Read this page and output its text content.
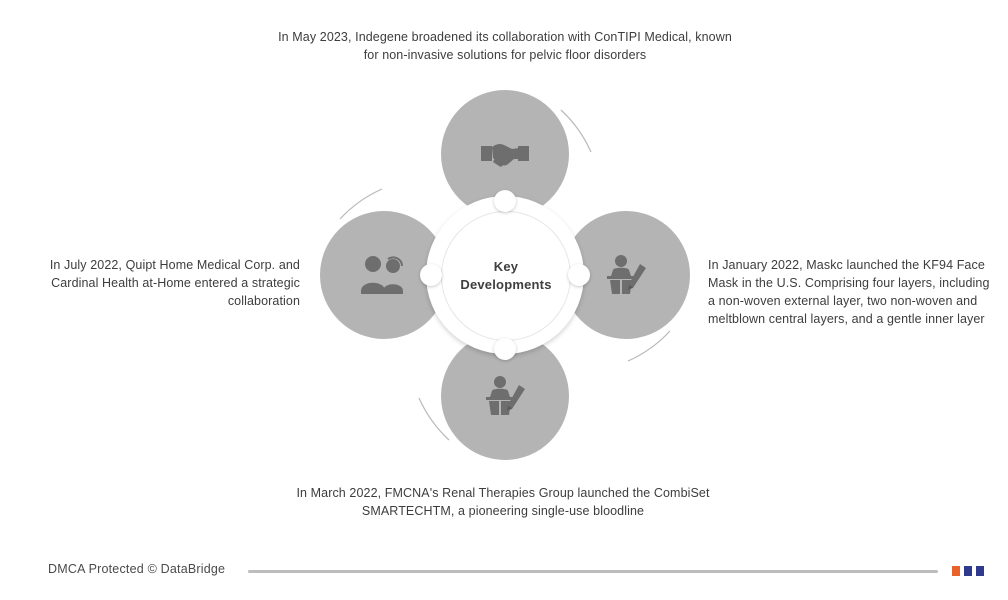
In May 2023, Indegene broadened its collaboration with ConTIPI Medical, known for non-invasive solutions for pelvic floor disorders
In July 2022, Quipt Home Medical Corp. and Cardinal Health at-Home entered a strategic collaboration
In January 2022, Maskc launched the KF94 Face Mask in the U.S. Comprising four layers, including a non-woven external layer, two non-woven and meltblown central layers, and a gentle inner layer
In March 2022, FMCNA's Renal Therapies Group launched the CombiSet SMARTECHTM, a pioneering single-use bloodline
Key
Developments
DMCA Protected © DataBridge
